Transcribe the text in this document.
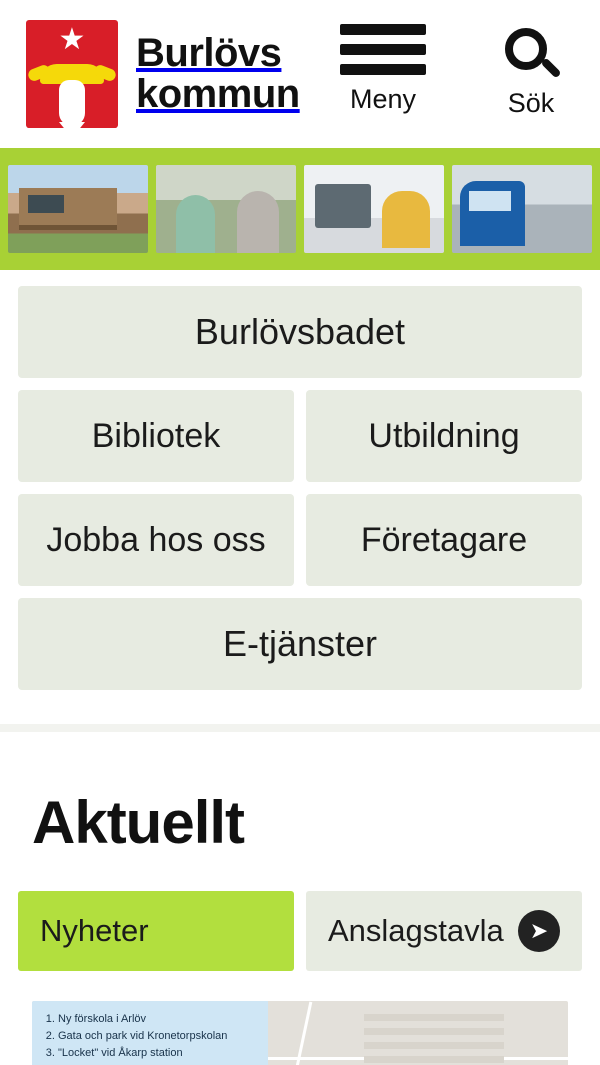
★ Burlövs
kommun	Meny	Sök
Burlövsbadet
Bibliotek	Utbildning
Jobba hos oss	Företagare
E-tjänster
Aktuellt
Nyheter	Anslagstavla	➤
1. Ny förskola i Arlöv
2. Gata och park vid Kronetorpskolan
3. "Locket" vid Åkarp station
